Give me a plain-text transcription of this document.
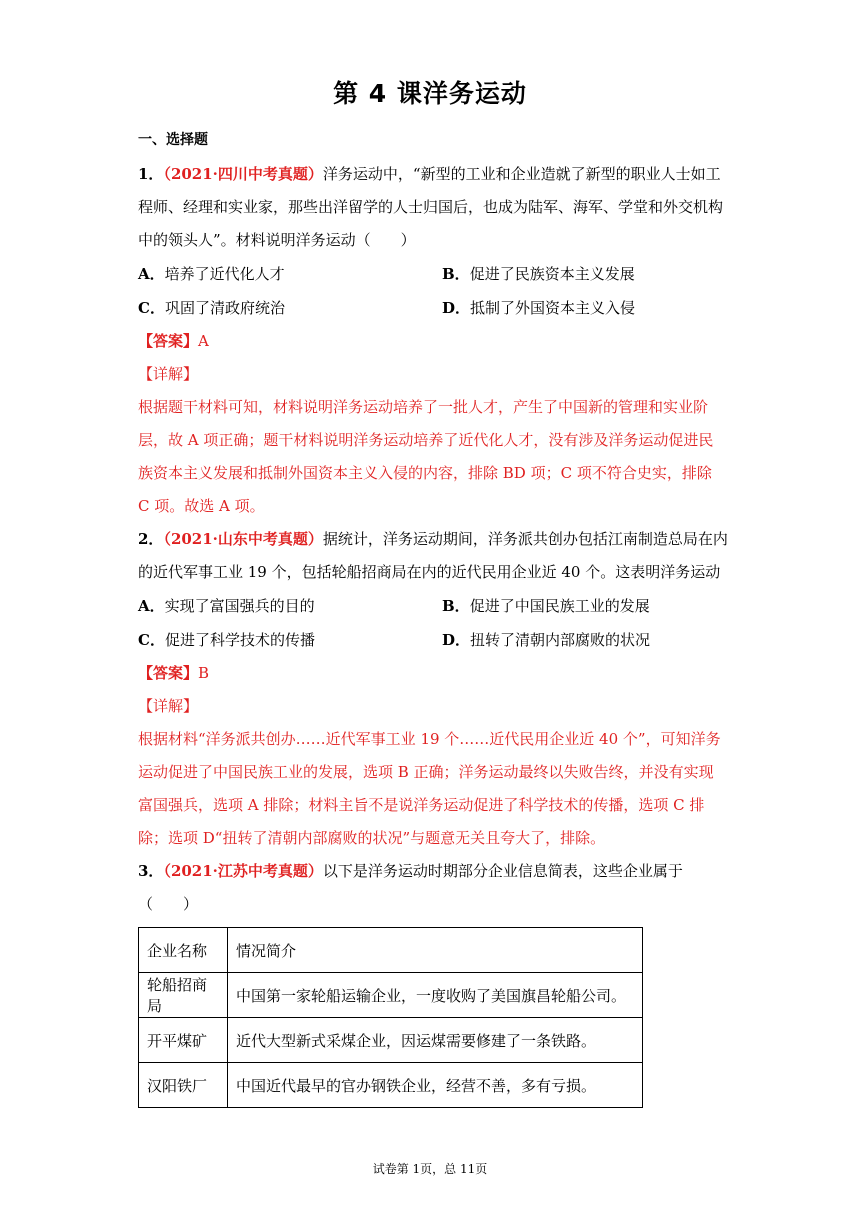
第 4 课洋务运动
一、选择题

1．（2021·四川中考真题）洋务运动中，“新型的工业和企业造就了新型的职业人士如工程师、经理和实业家，那些出洋留学的人士归国后，也成为陆军、海军、学堂和外交机构中的领头人”。材料说明洋务运动（　　）

A．培养了近代化人才	B．促进了民族资本主义发展
C．巩固了清政府统治	D．抵制了外国资本主义入侵
【答案】A
【详解】

根据题干材料可知，材料说明洋务运动培养了一批人才，产生了中国新的管理和实业阶层，故 A 项正确；题干材料说明洋务运动培养了近代化人才，没有涉及洋务运动促进民族资本主义发展和抵制外国资本主义入侵的内容，排除 BD 项；C 项不符合史实，排除 C 项。故选 A 项。

2．（2021·山东中考真题）据统计，洋务运动期间，洋务派共创办包括江南制造总局在内的近代军事工业 19 个，包括轮船招商局在内的近代民用企业近 40 个。这表明洋务运动

A．实现了富国强兵的目的	B．促进了中国民族工业的发展
C．促进了科学技术的传播	D．扭转了清朝内部腐败的状况
【答案】B
【详解】

根据材料“洋务派共创办……近代军事工业 19 个……近代民用企业近 40 个”，可知洋务运动促进了中国民族工业的发展，选项 B 正确；洋务运动最终以失败告终，并没有实现富国强兵，选项 A 排除；材料主旨不是说洋务运动促进了科学技术的传播，选项 C 排除；选项 D“扭转了清朝内部腐败的状况”与题意无关且夸大了，排除。

3．（2021·江苏中考真题）以下是洋务运动时期部分企业信息简表，这些企业属于（　　）

企业名称	情况简介
轮船招商局	中国第一家轮船运输企业，一度收购了美国旗昌轮船公司。
开平煤矿	近代大型新式采煤企业，因运煤需要修建了一条铁路。
汉阳铁厂	中国近代最早的官办钢铁企业，经营不善，多有亏损。
试卷第 1页，总 11页
